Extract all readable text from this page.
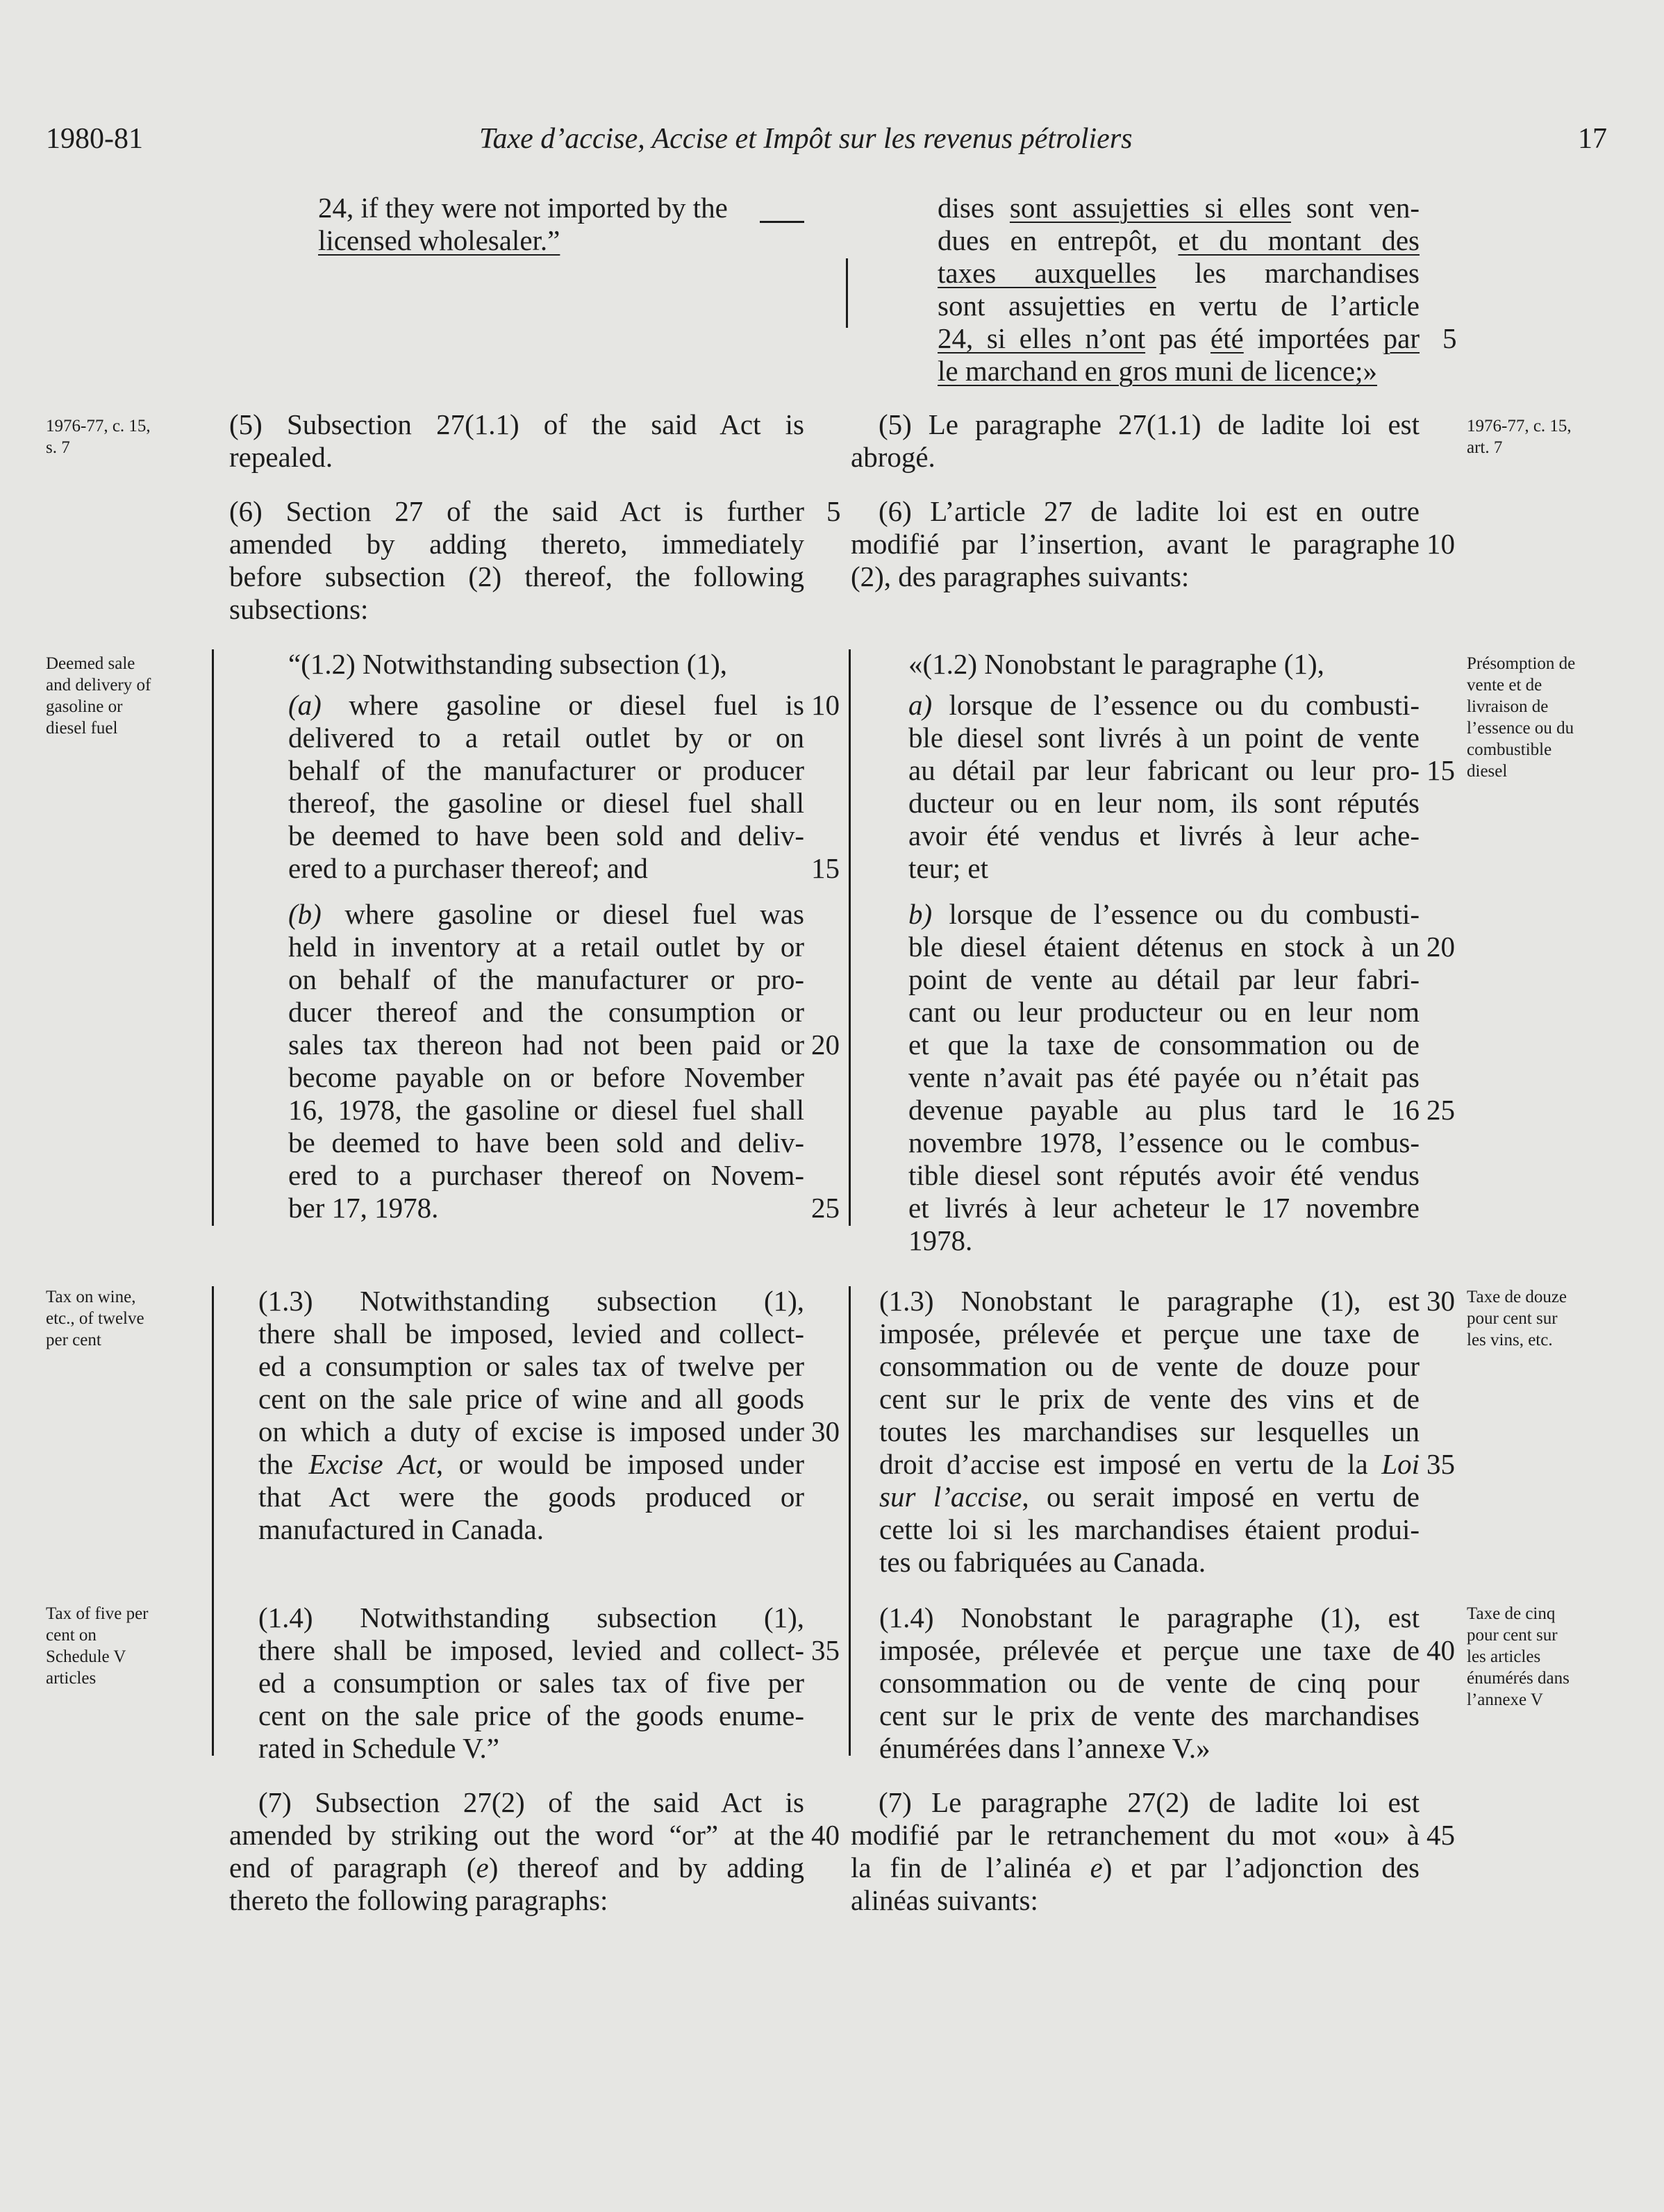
1980-81	Taxe d’accise, Accise et Impôt sur les revenus pétroliers	17
24, if they were not imported by the
licensed wholesaler.”
(5) Subsection 27(1.1) of the said Act is
repealed.
(6) Section 27 of the said Act is further
amended by adding thereto, immediately
before subsection (2) thereof, the following
subsections:
“(1.2) Notwithstanding subsection (1),
(a) where gasoline or diesel fuel is
delivered to a retail outlet by or on
behalf of the manufacturer or producer
thereof, the gasoline or diesel fuel shall
be deemed to have been sold and deliv-
ered to a purchaser thereof; and
(b) where gasoline or diesel fuel was
held in inventory at a retail outlet by or
on behalf of the manufacturer or pro-
ducer thereof and the consumption or
sales tax thereon had not been paid or
become payable on or before November
16, 1978, the gasoline or diesel fuel shall
be deemed to have been sold and deliv-
ered to a purchaser thereof on Novem-
ber 17, 1978.
(1.3) Notwithstanding subsection (1),
there shall be imposed, levied and collect-
ed a consumption or sales tax of twelve per
cent on the sale price of wine and all goods
on which a duty of excise is imposed under
the Excise Act, or would be imposed under
that Act were the goods produced or
manufactured in Canada.
(1.4) Notwithstanding subsection (1),
there shall be imposed, levied and collect-
ed a consumption or sales tax of five per
cent on the sale price of the goods enume-
rated in Schedule V.”
(7) Subsection 27(2) of the said Act is
amended by striking out the word “or” at the
end of paragraph (e) thereof and by adding
thereto the following paragraphs:
5
10
15
20
25
30
35
40
1976-77, c. 15,
s. 7
Deemed sale
and delivery of
gasoline or
diesel fuel
Tax on wine,
etc., of twelve
per cent
Tax of five per
cent on
Schedule V
articles
dises sont assujetties si elles sont ven-
dues en entrepôt, et du montant des
taxes auxquelles les marchandises
sont assujetties en vertu de l’article
24, si elles n’ont pas été importées par
le marchand en gros muni de licence;»
5
(5) Le paragraphe 27(1.1) de ladite loi est
abrogé.
(6) L’article 27 de ladite loi est en outre
modifié par l’insertion, avant le paragraphe
(2), des paragraphes suivants:
«(1.2) Nonobstant le paragraphe (1),
a) lorsque de l’essence ou du combusti-
ble diesel sont livrés à un point de vente
au détail par leur fabricant ou leur pro-
ducteur ou en leur nom, ils sont réputés
avoir été vendus et livrés à leur ache-
teur; et
b) lorsque de l’essence ou du combusti-
ble diesel étaient détenus en stock à un
point de vente au détail par leur fabri-
cant ou leur producteur ou en leur nom
et que la taxe de consommation ou de
vente n’avait pas été payée ou n’était pas
devenue payable au plus tard le 16
novembre 1978, l’essence ou le combus-
tible diesel sont réputés avoir été vendus
et livrés à leur acheteur le 17 novembre
1978.
(1.3) Nonobstant le paragraphe (1), est
imposée, prélevée et perçue une taxe de
consommation ou de vente de douze pour
cent sur le prix de vente des vins et de
toutes les marchandises sur lesquelles un
droit d’accise est imposé en vertu de la Loi
sur l’accise, ou serait imposé en vertu de
cette loi si les marchandises étaient produi-
tes ou fabriquées au Canada.
(1.4) Nonobstant le paragraphe (1), est
imposée, prélevée et perçue une taxe de
consommation ou de vente de cinq pour
cent sur le prix de vente des marchandises
énumérées dans l’annexe V.»
(7) Le paragraphe 27(2) de ladite loi est
modifié par le retranchement du mot «ou» à
la fin de l’alinéa e) et par l’adjonction des
alinéas suivants:
10
15
20
25
30
35
40
45
1976-77, c. 15,
art. 7
Présomption de
vente et de
livraison de
l’essence ou du
combustible
diesel
Taxe de douze
pour cent sur
les vins, etc.
Taxe de cinq
pour cent sur
les articles
énumérés dans
l’annexe V
